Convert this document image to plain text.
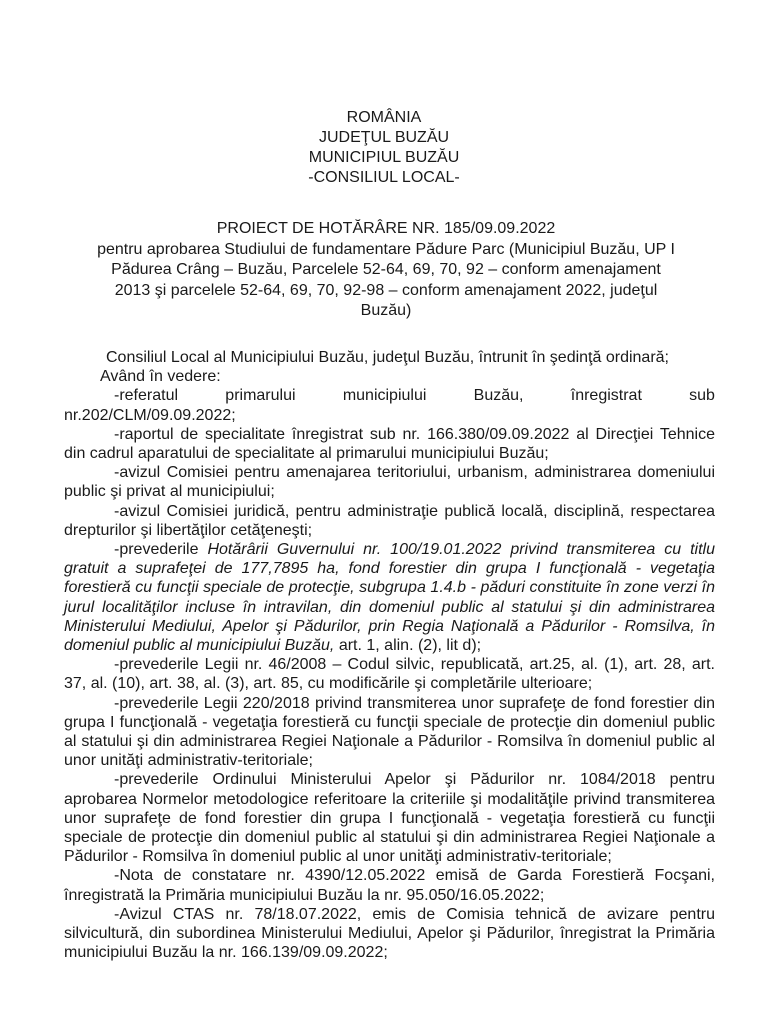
ROMÂNIA
JUDEŢUL BUZĂU
MUNICIPIUL BUZĂU
-CONSILIUL LOCAL-
PROIECT DE HOTĂRÂRE NR. 185/09.09.2022
pentru aprobarea Studiului de fundamentare Pădure Parc (Municipiul Buzău, UP I
Pădurea Crâng – Buzău, Parcelele 52-64, 69, 70, 92 – conform amenajament
2013 şi parcelele 52-64, 69, 70, 92-98 – conform amenajament 2022, judeţul
Buzău)

Consiliul Local al Municipiului Buzău, judeţul Buzău, întrunit în şedinţă ordinară;

Având în vedere:

-referatul	primarului	municipiului	Buzău,	înregistrat	sub

nr.202/CLM/09.09.2022;

-raportul de specialitate înregistrat sub nr. 166.380/09.09.2022 al Direcţiei Tehnice din cadrul aparatului de specialitate al primarului municipiului Buzău;

-avizul Comisiei pentru amenajarea teritoriului, urbanism, administrarea domeniului public şi privat al municipiului;

-avizul Comisiei juridică, pentru administraţie publică locală, disciplină, respectarea drepturilor şi libertăţilor cetăţeneşti;

-prevederile Hotărârii Guvernului nr. 100/19.01.2022 privind transmiterea cu titlu gratuit a suprafeţei de 177,7895 ha, fond forestier din grupa I funcţională - vegetaţia forestieră cu funcţii speciale de protecţie, subgrupa 1.4.b - păduri constituite în zone verzi în jurul localităţilor incluse în intravilan, din domeniul public al statului şi din administrarea Ministerului Mediului, Apelor şi Pădurilor, prin Regia Naţională a Pădurilor - Romsilva, în domeniul public al municipiului Buzău, art. 1, alin. (2), lit d);

-prevederile Legii nr. 46/2008 – Codul silvic, republicată, art.25, al. (1), art. 28, art. 37, al. (10), art. 38, al. (3), art. 85, cu modificările şi completările ulterioare;

-prevederile Legii 220/2018 privind transmiterea unor suprafeţe de fond forestier din grupa I funcţională - vegetaţia forestieră cu funcţii speciale de protecţie din domeniul public al statului şi din administrarea Regiei Naţionale a Pădurilor - Romsilva în domeniul public al unor unităţi administrativ-teritoriale;

-prevederile Ordinului Ministerului Apelor şi Pădurilor nr. 1084/2018 pentru aprobarea Normelor metodologice referitoare la criteriile şi modalităţile privind transmiterea unor suprafeţe de fond forestier din grupa I funcţională - vegetaţia forestieră cu funcţii speciale de protecţie din domeniul public al statului şi din administrarea Regiei Naţionale a Pădurilor - Romsilva în domeniul public al unor unităţi administrativ-teritoriale;

-Nota de constatare nr. 4390/12.05.2022 emisă de Garda Forestieră Focşani, înregistrată la Primăria municipiului Buzău la nr. 95.050/16.05.2022;

-Avizul CTAS nr. 78/18.07.2022, emis de Comisia tehnică de avizare pentru silvicultură, din subordinea Ministerului Mediului, Apelor şi Pădurilor, înregistrat la Primăria municipiului Buzău la nr. 166.139/09.09.2022;
